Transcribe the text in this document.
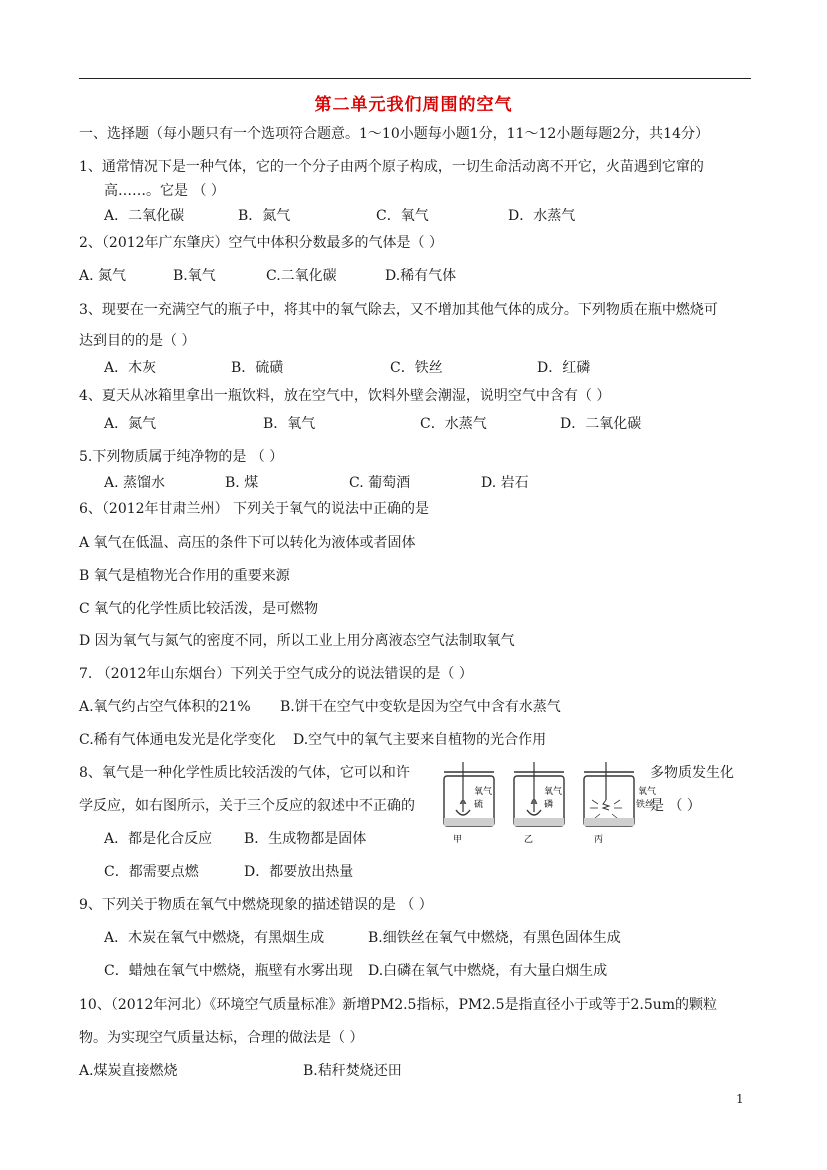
第二单元我们周围的空气
一、选择题（每小题只有一个选项符合题意。1～10小题每小题1分，11～12小题每题2分，共14分）
1、通常情况下是一种气体，它的一个分子由两个原子构成，一切生命活动离不开它，火苗遇到它窜的
高……。它是 （ ）
A．二氧化碳	B．氮气	C．氧气	D．水蒸气
2、（2012年广东肇庆）空气中体积分数最多的气体是（ ）
A. 氮气	B.氧气	C.二氧化碳	D.稀有气体
3、现要在一充满空气的瓶子中，将其中的氧气除去，又不增加其他气体的成分。下列物质在瓶中燃烧可
达到目的的是（ ）
A．木灰	B．硫磺	C．铁丝	D．红磷
4、夏天从冰箱里拿出一瓶饮料，放在空气中，饮料外壁会潮湿，说明空气中含有（ ）
A．氮气	B．氧气	C．水蒸气	D．二氧化碳
5.下列物质属于纯净物的是 （ ）
A. 蒸馏水	B. 煤	C. 葡萄酒	D. 岩石
6、（2012年甘肃兰州） 下列关于氧气的说法中正确的是
A 氧气在低温、高压的条件下可以转化为液体或者固体
B 氧气是植物光合作用的重要来源
C 氧气的化学性质比较活泼，是可燃物
D 因为氧气与氮气的密度不同，所以工业上用分离液态空气法制取氧气
7. （2012年山东烟台）下列关于空气成分的说法错误的是（ ）
A.氧气约占空气体积的21% B.饼干在空气中变软是因为空气中含有水蒸气
C.稀有气体通电发光是化学变化 D.空气中的氧气主要来自植物的光合作用
8、氧气是一种化学性质比较活泼的气体，它可以和许	多物质发生化
学反应，如右图所示，关于三个反应的叙述中不正确的	是 （ ）
A．都是化合反应 B．生成物都是固体
C．都需要点燃	D．都要放出热量
氧气
硫
甲
氧气
磷
乙
氧气
铁丝
丙
9、下列关于物质在氧气中燃烧现象的描述错误的是 （ ）
A．木炭在氧气中燃烧，有黑烟生成	B.细铁丝在氧气中燃烧，有黑色固体生成
C．蜡烛在氧气中燃烧，瓶壁有水雾出现 D.白磷在氧气中燃烧，有大量白烟生成
10、（2012年河北）《环境空气质量标准》新增PM2.5指标，PM2.5是指直径小于或等于2.5um的颗粒
物。为实现空气质量达标，合理的做法是（ ）
A.煤炭直接燃烧	B.秸秆焚烧还田
1
